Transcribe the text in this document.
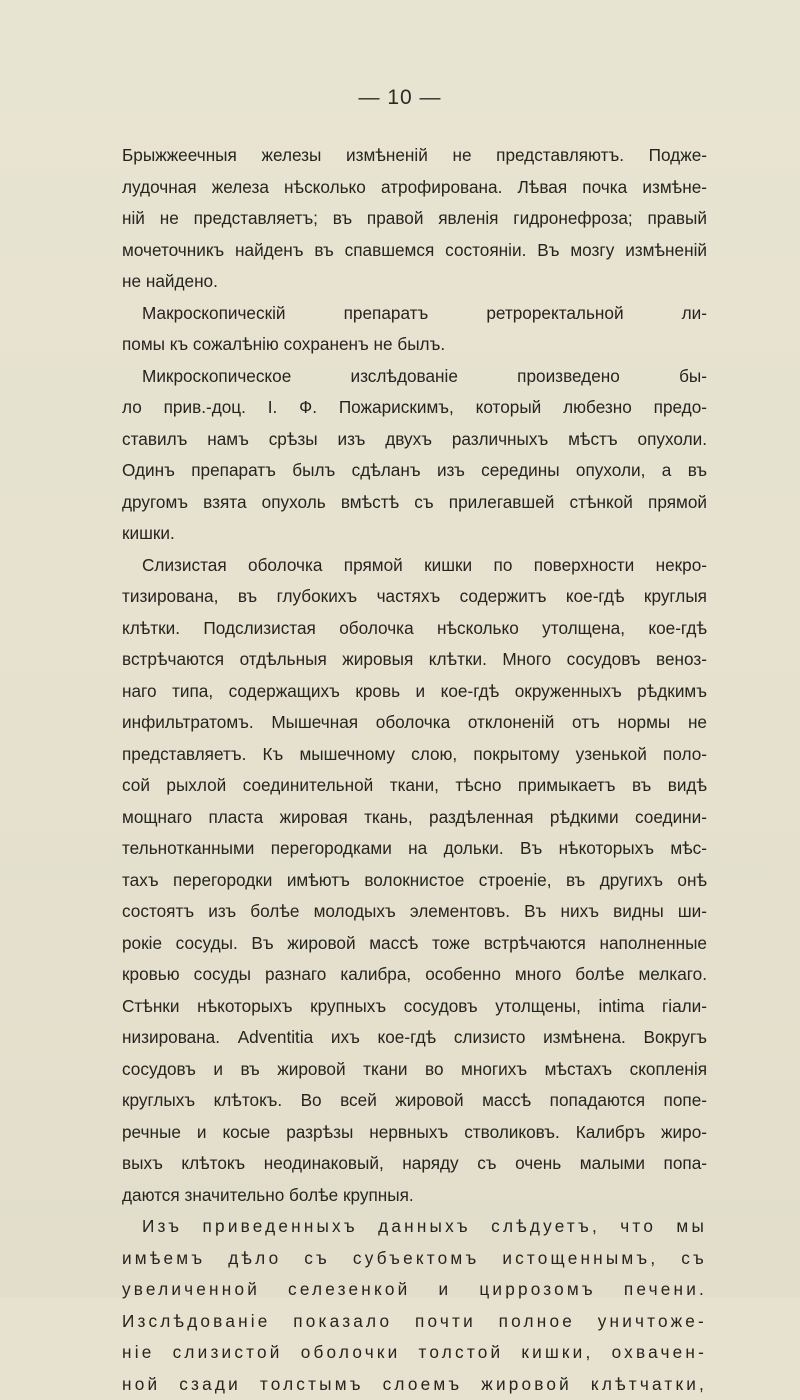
— 10 —
Брыжжеечныя железы измѣненій не представляютъ. Подже-
лудочная железа нѣсколько атрофирована. Лѣвая почка измѣне-
ній не представляетъ; въ правой явленія гидронефроза; правый
мочеточникъ найденъ въ спавшемся состояніи. Въ мозгу измѣненій
не найдено.
Макроскопическій препаратъ ретроректальной ли-
помы къ сожалѣнію сохраненъ не былъ.
Микроскопическое изслѣдованіе произведено бы-
ло прив.-доц. І. Ф. Пожарискимъ, который любезно предо-
ставилъ намъ срѣзы изъ двухъ различныхъ мѣстъ опухоли.
Одинъ препаратъ былъ сдѣланъ изъ середины опухоли, а въ
другомъ взята опухоль вмѣстѣ съ прилегавшей стѣнкой прямой
кишки.
Слизистая оболочка прямой кишки по поверхности некро-
тизирована, въ глубокихъ частяхъ содержитъ кое-гдѣ круглыя
клѣтки. Подслизистая оболочка нѣсколько утолщена, кое-гдѣ
встрѣчаются отдѣльныя жировыя клѣтки. Много сосудовъ веноз-
наго типа, содержащихъ кровь и кое-гдѣ окруженныхъ рѣдкимъ
инфильтратомъ. Мышечная оболочка отклоненій отъ нормы не
представляетъ. Къ мышечному слою, покрытому узенькой поло-
сой рыхлой соединительной ткани, тѣсно примыкаетъ въ видѣ
мощнаго пласта жировая ткань, раздѣленная рѣдкими соедини-
тельнотканными перегородками на дольки. Въ нѣкоторыхъ мѣс-
тахъ перегородки имѣютъ волокнистое строеніе, въ другихъ онѣ
состоятъ изъ болѣе молодыхъ элементовъ. Въ нихъ видны ши-
рокіе сосуды. Въ жировой массѣ тоже встрѣчаются наполненные
кровью сосуды разнаго калибра, особенно много болѣе мелкаго.
Стѣнки нѣкоторыхъ крупныхъ сосудовъ утолщены, intima гіали-
низирована. Adventitia ихъ кое-гдѣ слизисто измѣнена. Вокругъ
сосудовъ и въ жировой ткани во многихъ мѣстахъ скопленія
круглыхъ клѣтокъ. Во всей жировой массѣ попадаются попе-
речные и косые разрѣзы нервныхъ стволиковъ. Калибръ жиро-
выхъ клѣтокъ неодинаковый, наряду съ очень малыми попа-
даются значительно болѣе крупныя.
Изъ приведенныхъ данныхъ слѣдуетъ, что мы
имѣемъ дѣло съ субъектомъ истощеннымъ, съ
увеличенной селезенкой и циррозомъ печени.
Изслѣдованіе показало почти полное уничтоже-
ніе слизистой оболочки толстой кишки, охвачен-
ной сзади толстымъ слоемъ жировой клѣтчатки,
